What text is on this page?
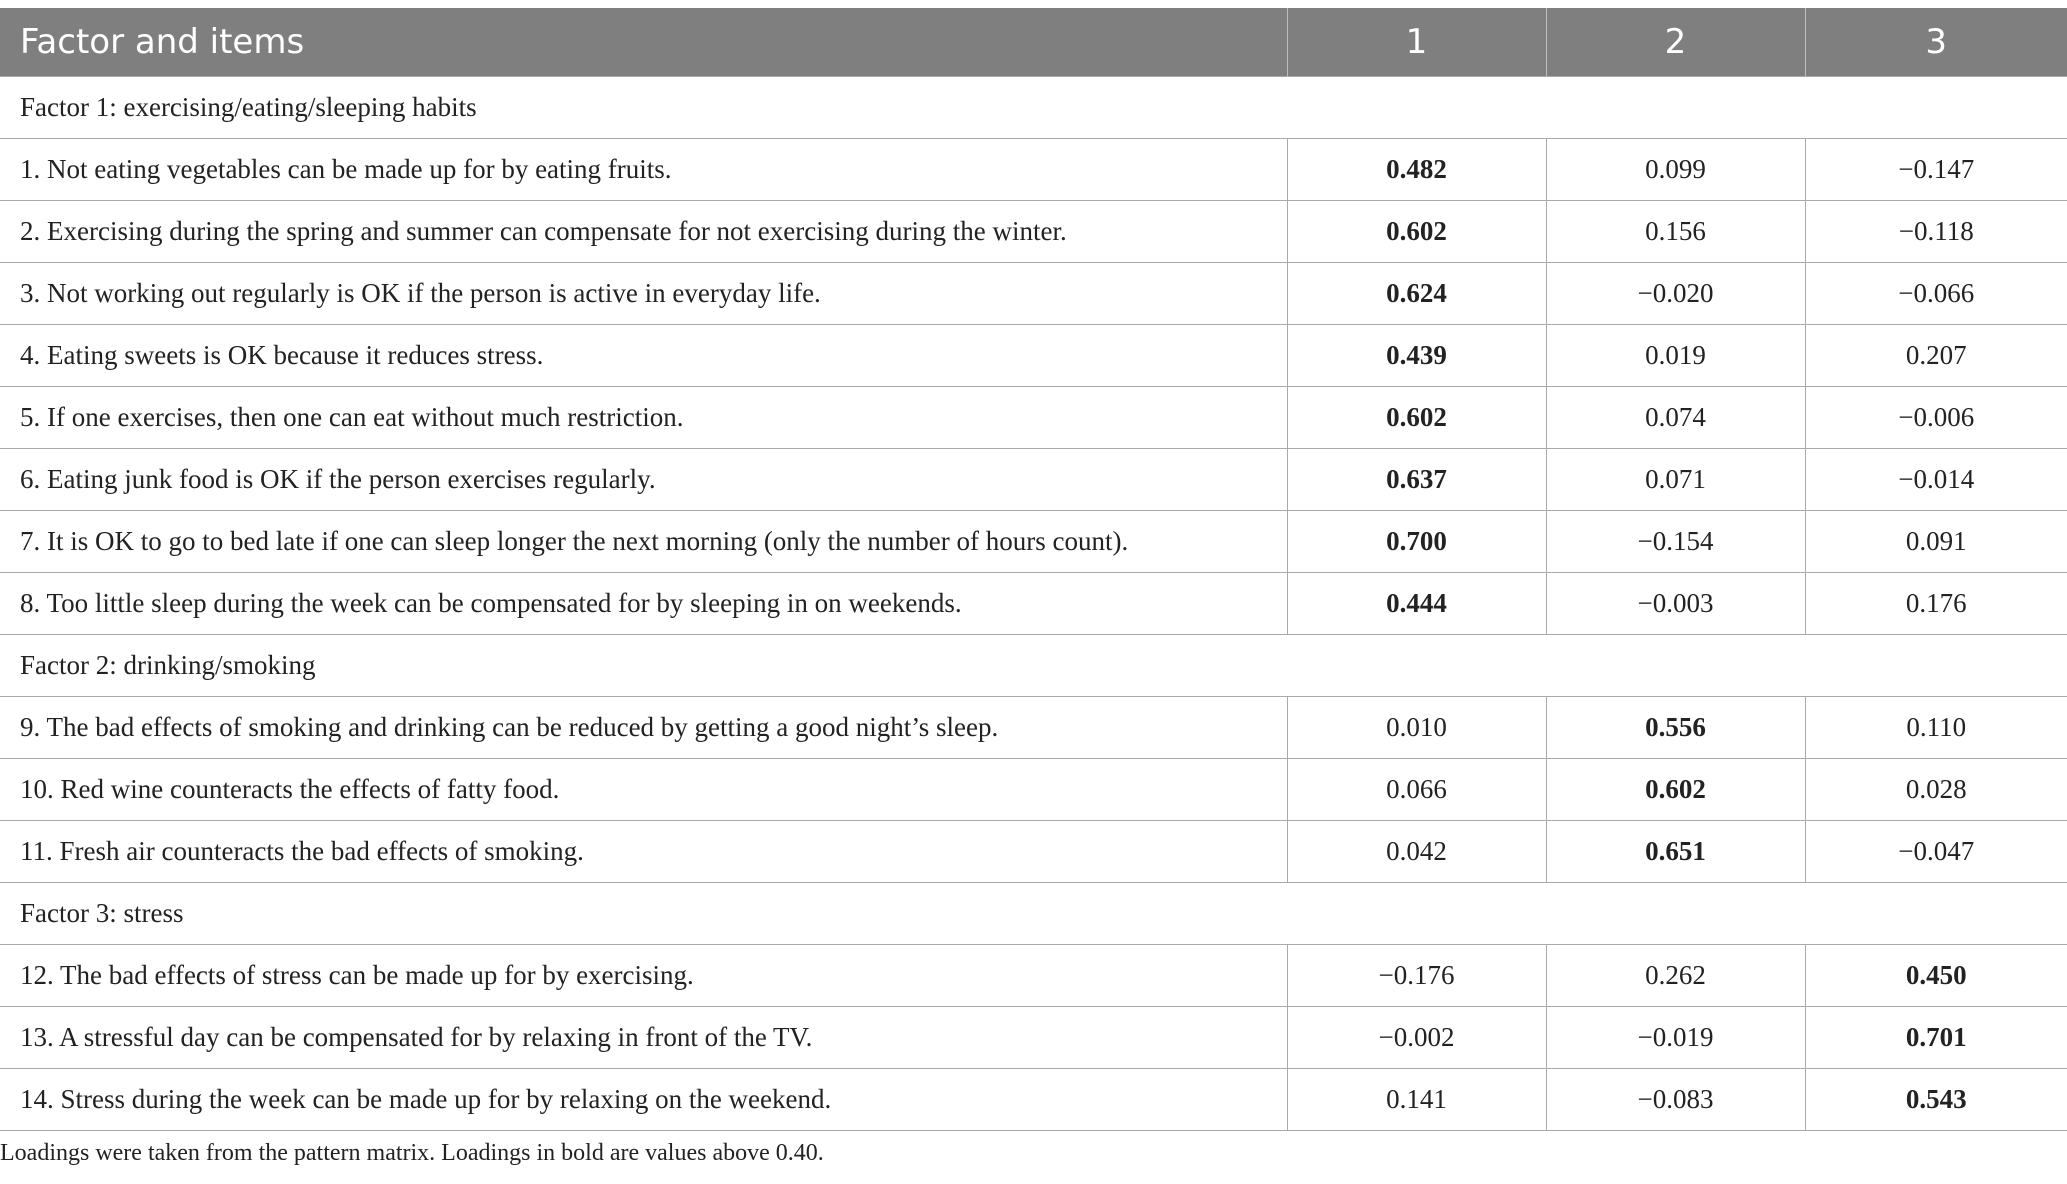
Factor and items	1	2	3
Factor 1: exercising/eating/sleeping habits			
1. Not eating vegetables can be made up for by eating fruits.	0.482	0.099	−0.147
2. Exercising during the spring and summer can compensate for not exercising during the winter.	0.602	0.156	−0.118
3. Not working out regularly is OK if the person is active in everyday life.	0.624	−0.020	−0.066
4. Eating sweets is OK because it reduces stress.	0.439	0.019	0.207
5. If one exercises, then one can eat without much restriction.	0.602	0.074	−0.006
6. Eating junk food is OK if the person exercises regularly.	0.637	0.071	−0.014
7. It is OK to go to bed late if one can sleep longer the next morning (only the number of hours count).	0.700	−0.154	0.091
8. Too little sleep during the week can be compensated for by sleeping in on weekends.	0.444	−0.003	0.176
Factor 2: drinking/smoking			
9. The bad effects of smoking and drinking can be reduced by getting a good night’s sleep.	0.010	0.556	0.110
10. Red wine counteracts the effects of fatty food.	0.066	0.602	0.028
11. Fresh air counteracts the bad effects of smoking.	0.042	0.651	−0.047
Factor 3: stress			
12. The bad effects of stress can be made up for by exercising.	−0.176	0.262	0.450
13. A stressful day can be compensated for by relaxing in front of the TV.	−0.002	−0.019	0.701
14. Stress during the week can be made up for by relaxing on the weekend.	0.141	−0.083	0.543
Loadings were taken from the pattern matrix. Loadings in bold are values above 0.40.
